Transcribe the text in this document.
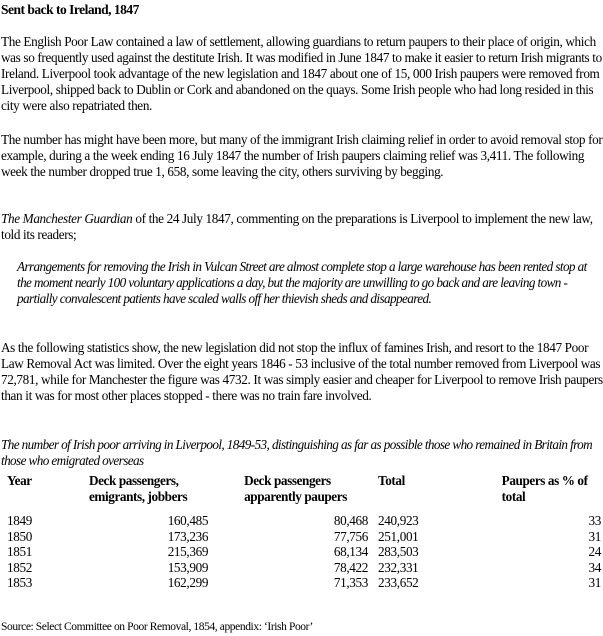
Sent back to Ireland, 1847

The English Poor Law contained a law of settlement, allowing guardians to return paupers to their place of origin, which was so frequently used against the destitute Irish. It was modified in June 1847 to make it easier to return Irish migrants to Ireland. Liverpool took advantage of the new legislation and 1847 about one of 15, 000 Irish paupers were removed from Liverpool, shipped back to Dublin or Cork and abandoned on the quays. Some Irish people who had long resided in this city were also repatriated then.

The number has might have been more, but many of the immigrant Irish claiming relief in order to avoid removal stop for example, during a the week ending 16 July 1847 the number of Irish paupers claiming relief was 3,411. The following week the number dropped true 1, 658, some leaving the city, others surviving by begging.

The Manchester Guardian of the 24 July 1847, commenting on the preparations is Liverpool to implement the new law, told its readers;

Arrangements for removing the Irish in Vulcan Street are almost complete stop a large warehouse has been rented stop at the moment nearly 100 voluntary applications a day, but the majority are unwilling to go back and are leaving town - partially convalescent patients have scaled walls off her thievish sheds and disappeared.

As the following statistics show, the new legislation did not stop the influx of famines Irish, and resort to the 1847 Poor Law Removal Act was limited. Over the eight years 1846 - 53 inclusive of the total number removed from Liverpool was 72,781, while for Manchester the figure was 4732. It was simply easier and cheaper for Liverpool to remove Irish paupers than it was for most other places stopped - there was no train fare involved.

The number of Irish poor arriving in Liverpool, 1849-53, distinguishing as far as possible those who remained in Britain from those who emigrated overseas

Year	Deck passengers, emigrants, jobbers	Deck passengers apparently paupers	Total	Paupers as % of total
1849	160,485	80,468	240,923	33
1850	173,236	77,756	251,001	31
1851	215,369	68,134	283,503	24
1852	153,909	78,422	232,331	34
1853	162,299	71,353	233,652	31
Source: Select Committee on Poor Removal, 1854, appendix: ‘Irish Poor’
